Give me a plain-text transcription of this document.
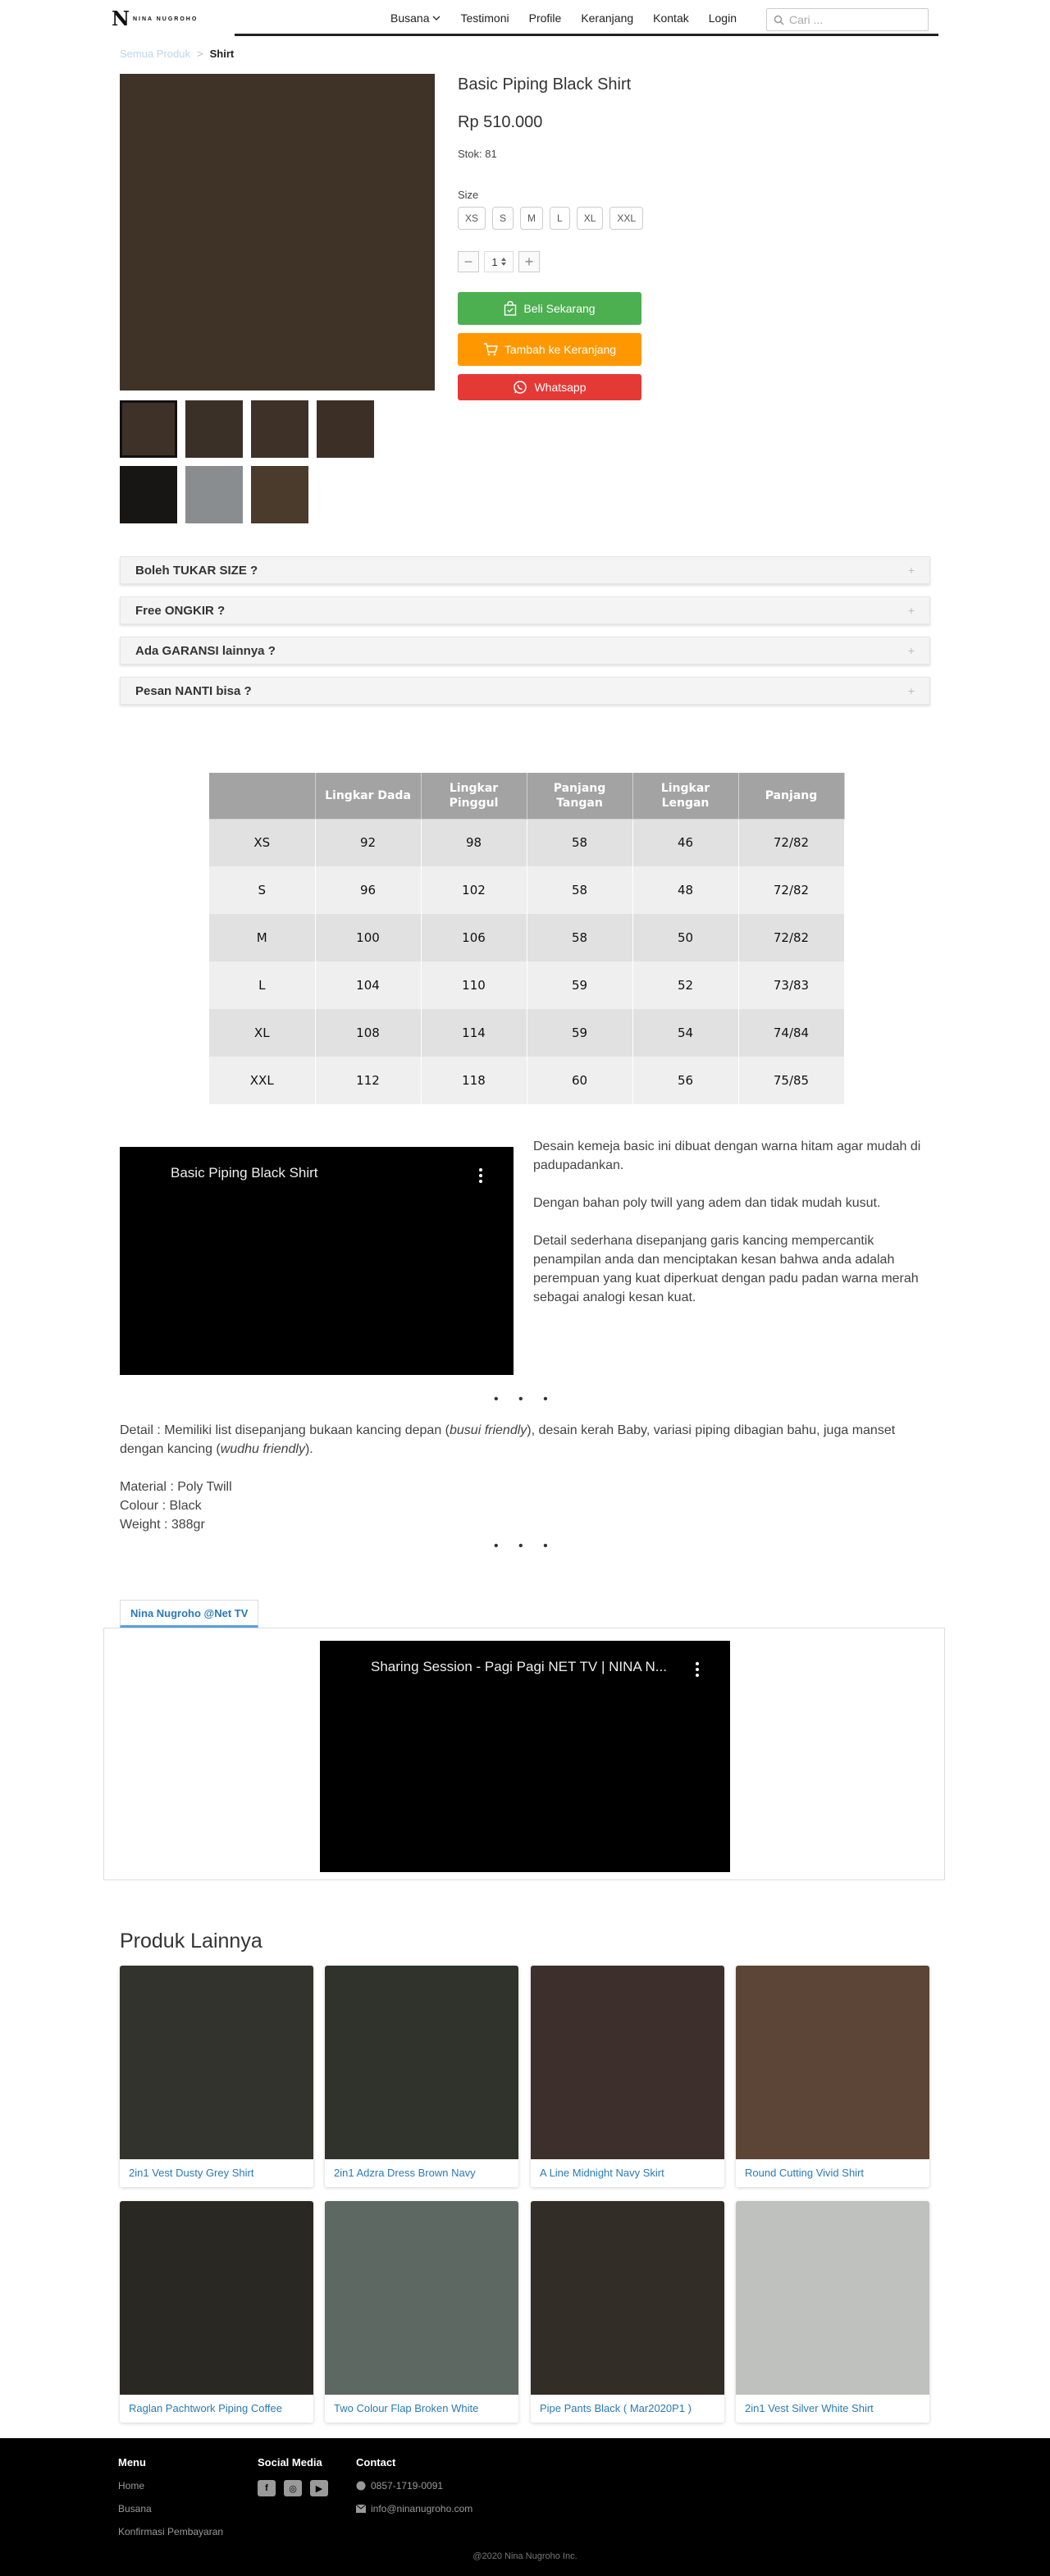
N NINA NUGROHO	Busana	Testimoni	Profile	Keranjang	Kontak	Login
Cari ...
Semua Produk > Shirt
Basic Piping Black Shirt
Rp 510.000
Stok: 81
Size
XS	S	M	L	XL	XXL
−	1	+
Beli Sekarang
Tambah ke Keranjang
Whatsapp
Boleh TUKAR SIZE ?	+
Free ONGKIR ?	+
Ada GARANSI lainnya ?	+
Pesan NANTI bisa ?	+
	Lingkar Dada	Lingkar Pinggul	Panjang Tangan	Lingkar Lengan	Panjang
XS	92	98	58	46	72/82
S	96	102	58	48	72/82
M	100	106	58	50	72/82
L	104	110	59	52	73/83
XL	108	114	59	54	74/84
XXL	112	118	60	56	75/85
Basic Piping Black Shirt

Desain kemeja basic ini dibuat dengan warna hitam agar mudah di padupadankan.

Dengan bahan poly twill yang adem dan tidak mudah kusut.

Detail sederhana disepanjang garis kancing mempercantik penampilan anda dan menciptakan kesan bahwa anda adalah perempuan yang kuat diperkuat dengan padu padan warna merah sebagai analogi kesan kuat.

• • •
Detail : Memiliki list disepanjang bukaan kancing depan (busui friendly), desain kerah Baby, variasi piping dibagian bahu, juga manset dengan kancing (wudhu friendly).
Material : Poly Twill
Colour : Black
Weight : 388gr
• • •
Nina Nugroho @Net TV
Sharing Session - Pagi Pagi NET TV | NINA N...
Produk Lainnya
2in1 Vest Dusty Grey Shirt	2in1 Adzra Dress Brown Navy	A Line Midnight Navy Skirt	Round Cutting Vivid Shirt
Raglan Pachtwork Piping Coffee	Two Colour Flap Broken White	Pipe Pants Black ( Mar2020P1 )	2in1 Vest Silver White Shirt
Menu
Home
Busana
Konfirmasi Pembayaran
Social Media
f	◎	▶
Contact
0857-1719-0091
info@ninanugroho.com
@2020 Nina Nugroho Inc.
